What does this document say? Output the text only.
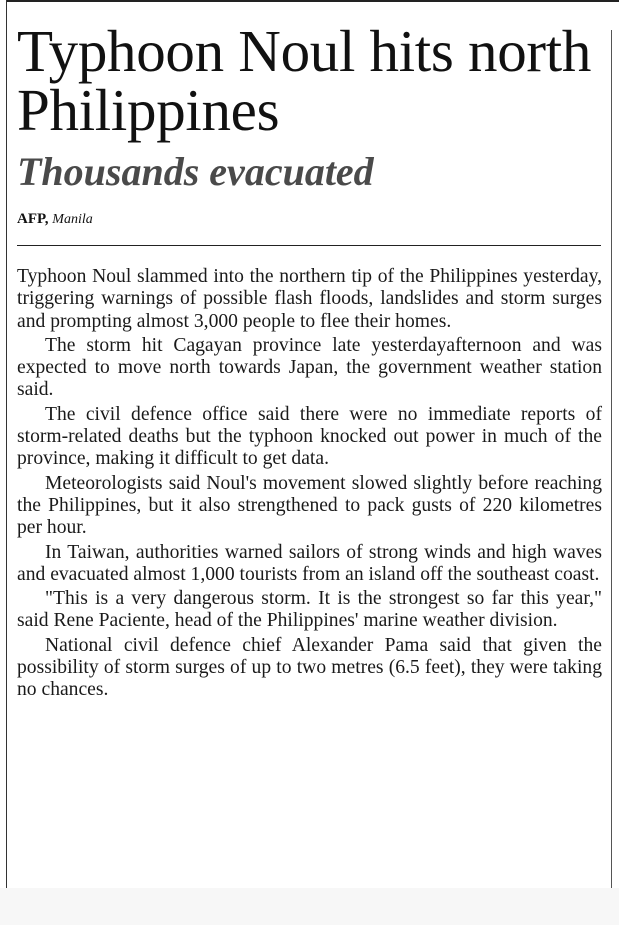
Typhoon Noul hits north Philippines
Thousands evacuated
AFP, Manila

Typhoon Noul slammed into the northern tip of the Philippines yesterday, triggering warnings of possible flash floods, landslides and storm surges and prompting almost 3,000 people to flee their homes.

The storm hit Cagayan province late yesterdayafternoon and was expected to move north towards Japan, the government weather station said.

The civil defence office said there were no immediate reports of storm-related deaths but the typhoon knocked out power in much of the province, making it difficult to get data.

Meteorologists said Noul's movement slowed slightly before reaching the Philippines, but it also strengthened to pack gusts of 220 kilometres per hour.

In Taiwan, authorities warned sailors of strong winds and high waves and evacuated almost 1,000 tourists from an island off the southeast coast.

"This is a very dangerous storm. It is the strongest so far this year," said Rene Paciente, head of the Philippines' marine weather division.

National civil defence chief Alexander Pama said that given the possibility of storm surges of up to two metres (6.5 feet), they were taking no chances.
